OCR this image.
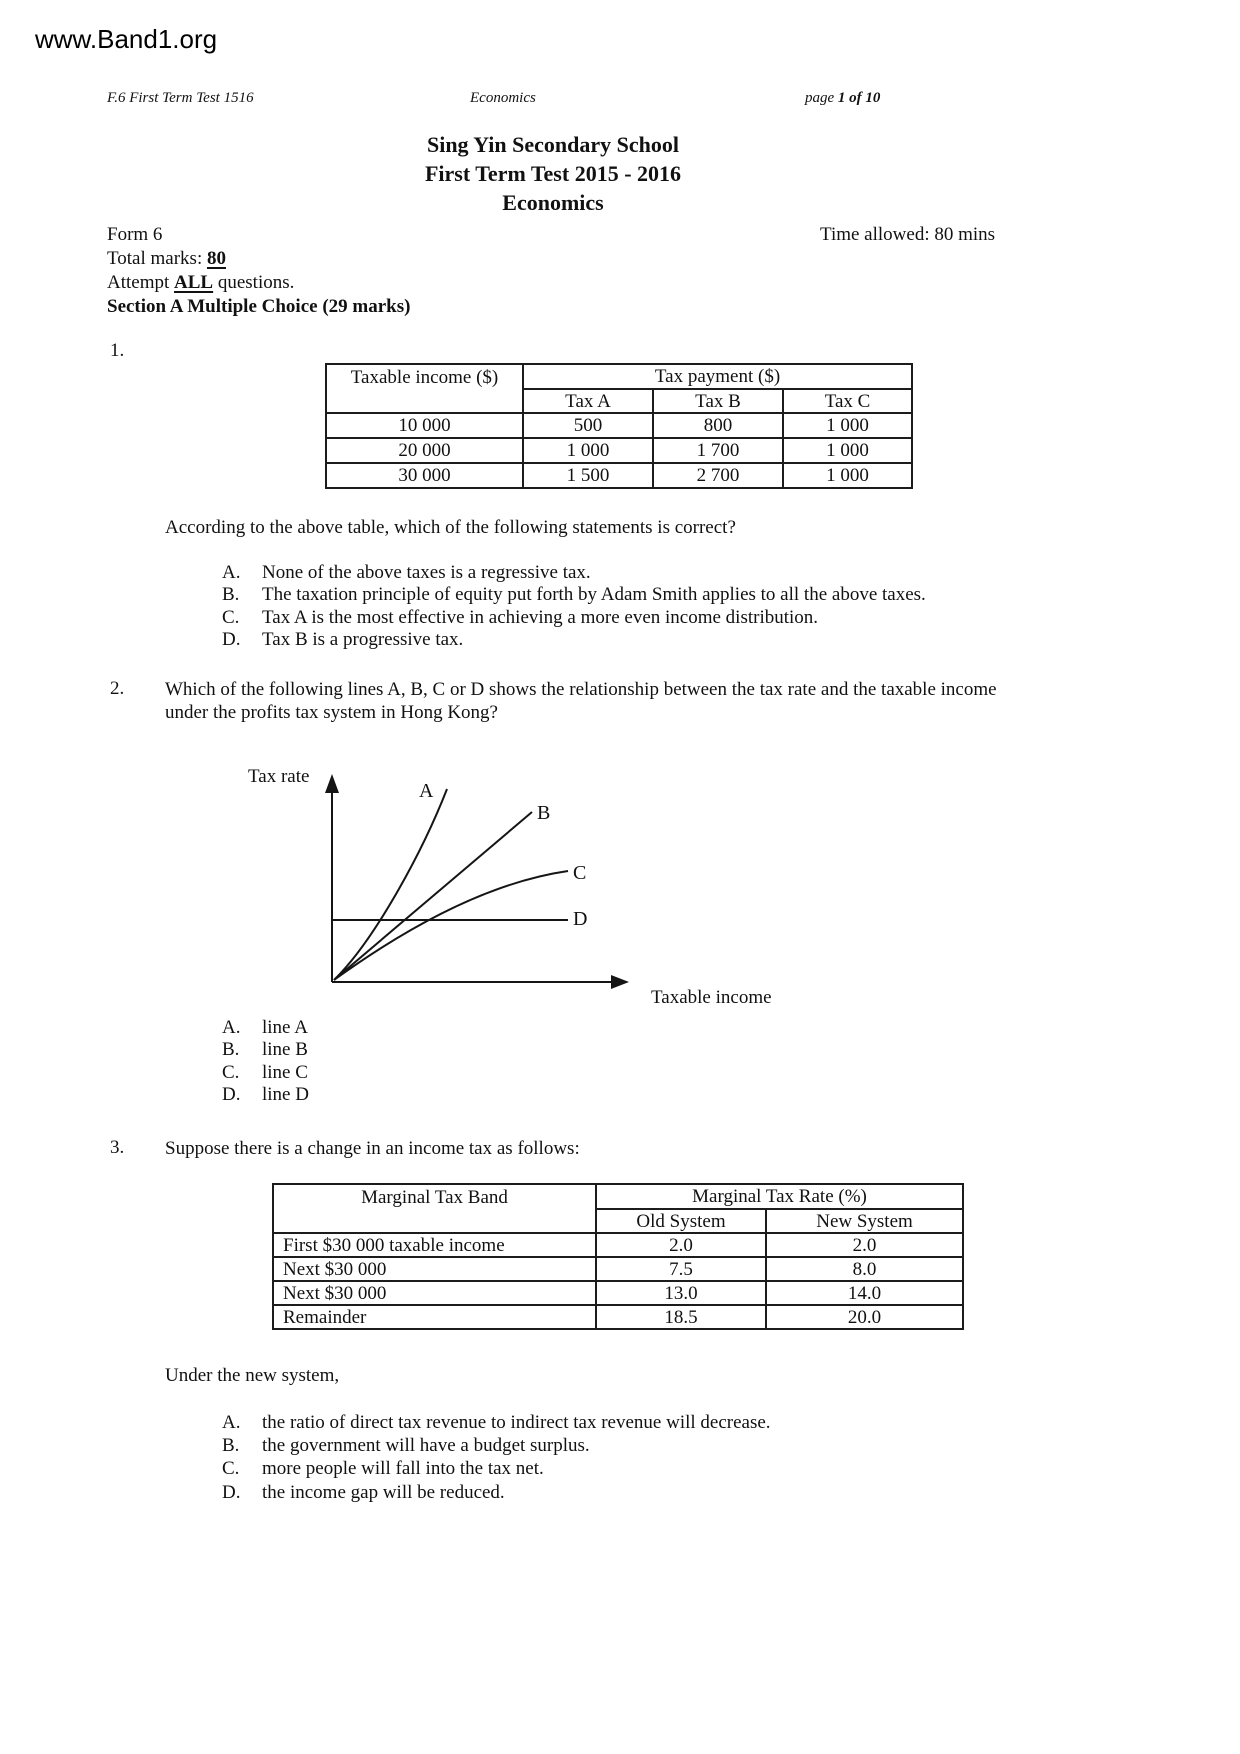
www.Band1.org
F.6 First Term Test 1516	Economics	page 1 of 10
Sing Yin Secondary School
First Term Test 2015 - 2016
Economics
Form 6	Time allowed: 80 mins
Total marks: 80
Attempt ALL questions.
Section A Multiple Choice (29 marks)
1.
Taxable income ($)	Tax payment ($)		
	Tax A	Tax B	Tax C
10 000	500	800	1 000
20 000	1 000	1 700	1 000
30 000	1 500	2 700	1 000
According to the above table, which of the following statements is correct?
A.	None of the above taxes is a regressive tax.
B.	The taxation principle of equity put forth by Adam Smith applies to all the above taxes.
C.	Tax A is the most effective in achieving a more even income distribution.
D.	Tax B is a progressive tax.
2. Which of the following lines A, B, C or D shows the relationship between the tax rate and the taxable income
under the profits tax system in Hong Kong?
Tax rate
Taxable income
A
B
C
D
A.	line A
B.	line B
C.	line C
D.	line D
3. Suppose there is a change in an income tax as follows:
Marginal Tax Band	Marginal Tax Rate (%)	
	Old System	New System
First $30 000 taxable income	2.0	2.0
Next $30 000	7.5	8.0
Next $30 000	13.0	14.0
Remainder	18.5	20.0
Under the new system,
A.	the ratio of direct tax revenue to indirect tax revenue will decrease.
B.	the government will have a budget surplus.
C.	more people will fall into the tax net.
D.	the income gap will be reduced.
